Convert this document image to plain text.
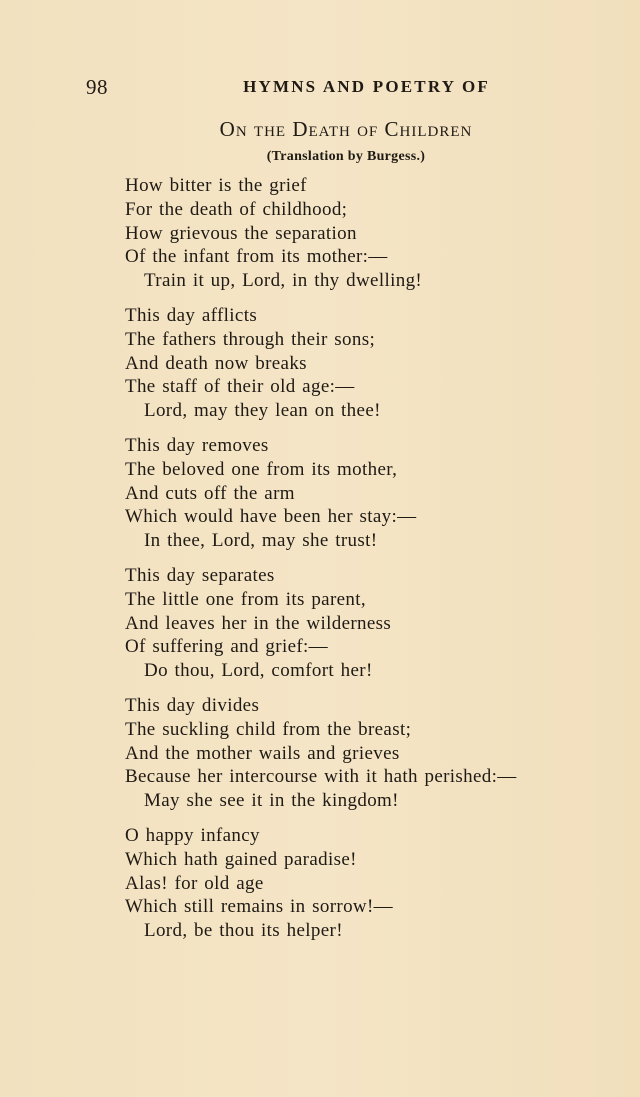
98	HYMNS AND POETRY OF
On the Death of Children
(Translation by Burgess.)
How bitter is the grief
For the death of childhood;
How grievous the separation
Of the infant from its mother:—
Train it up, Lord, in thy dwelling!
This day afflicts
The fathers through their sons;
And death now breaks
The staff of their old age:—
Lord, may they lean on thee!
This day removes
The beloved one from its mother,
And cuts off the arm
Which would have been her stay:—
In thee, Lord, may she trust!
This day separates
The little one from its parent,
And leaves her in the wilderness
Of suffering and grief:—
Do thou, Lord, comfort her!
This day divides
The suckling child from the breast;
And the mother wails and grieves
Because her intercourse with it hath perished:—
May she see it in the kingdom!
O happy infancy
Which hath gained paradise!
Alas! for old age
Which still remains in sorrow!—
Lord, be thou its helper!
